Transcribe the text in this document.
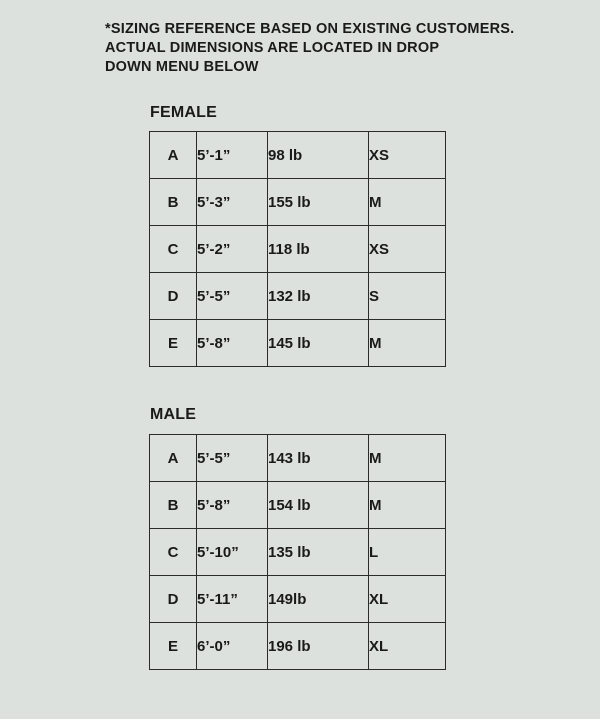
*SIZING REFERENCE BASED ON EXISTING CUSTOMERS.
ACTUAL DIMENSIONS ARE LOCATED IN DROP
DOWN MENU BELOW
FEMALE
A	5’-1”	98 lb	XS
B	5’-3”	155 lb	M
C	5’-2”	118 lb	XS
D	5’-5”	132 lb	S
E	5’-8”	145 lb	M
MALE
A	5’-5”	143 lb	M
B	5’-8”	154 lb	M
C	5’-10”	135 lb	L
D	5’-11”	149lb	XL
E	6’-0”	196 lb	XL
